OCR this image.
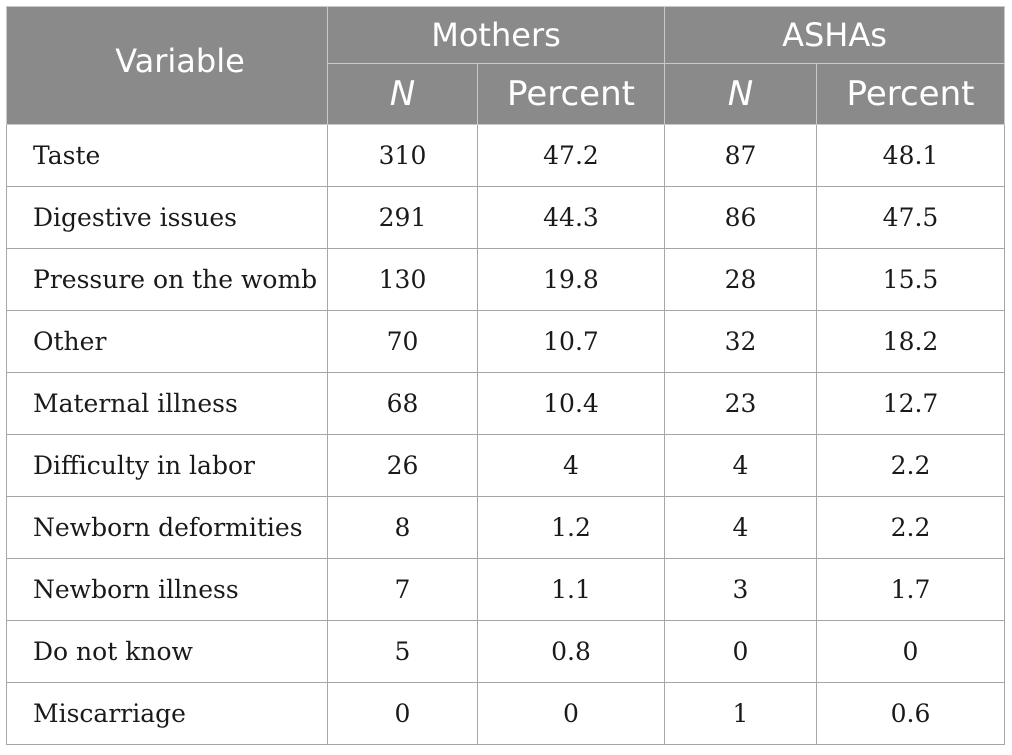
Variable	Mothers		ASHAs	
	N	Percent	N	Percent
Taste	310	47.2	87	48.1
Digestive issues	291	44.3	86	47.5
Pressure on the womb	130	19.8	28	15.5
Other	70	10.7	32	18.2
Maternal illness	68	10.4	23	12.7
Difficulty in labor	26	4	4	2.2
Newborn deformities	8	1.2	4	2.2
Newborn illness	7	1.1	3	1.7
Do not know	5	0.8	0	0
Miscarriage	0	0	1	0.6
